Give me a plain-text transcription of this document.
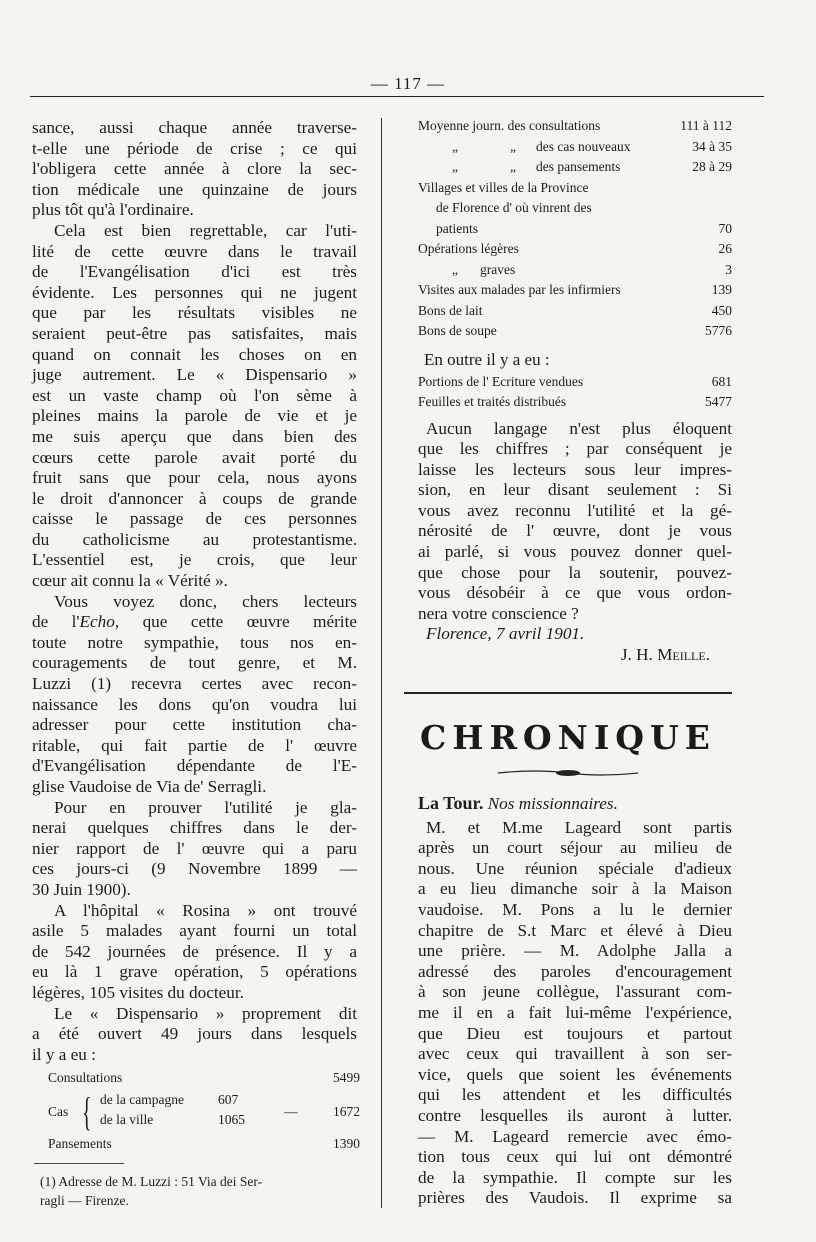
— 117 —

sance, aussi chaque année traverse-
t-elle une période de crise ; ce qui
l'obligera cette année à clore la sec-
tion médicale une quinzaine de jours
plus tôt qu'à l'ordinaire.

Cela est bien regrettable, car l'uti-
lité de cette œuvre dans le travail
de l'Evangélisation d'ici est très
évidente. Les personnes qui ne jugent
que par les résultats visibles ne
seraient peut-être pas satisfaites, mais
quand on connait les choses on en
juge autrement. Le « Dispensario »
est un vaste champ où l'on sème à
pleines mains la parole de vie et je
me suis aperçu que dans bien des
cœurs cette parole avait porté du
fruit sans que pour cela, nous ayons
le droit d'annoncer à coups de grande
caisse le passage de ces personnes
du catholicisme au protestantisme.
L'essentiel est, je crois, que leur
cœur ait connu la « Vérité ».

Vous voyez donc, chers lecteurs
de l'Echo, que cette œuvre mérite
toute notre sympathie, tous nos en-
couragements de tout genre, et M.
Luzzi (1) recevra certes avec recon-
naissance les dons qu'on voudra lui
adresser pour cette institution cha-
ritable, qui fait partie de l' œuvre
d'Evangélisation dépendante de l'E-
glise Vaudoise de Via de' Serragli.

Pour en prouver l'utilité je gla-
nerai quelques chiffres dans le der-
nier rapport de l' œuvre qui a paru
ces jours-ci (9 Novembre 1899 —
30 Juin 1900).

A l'hôpital « Rosina » ont trouvé
asile 5 malades ayant fourni un total
de 542 journées de présence. Il y a
eu là 1 grave opération, 5 opérations
légères, 105 visites du docteur.

Le « Dispensario » proprement dit
a été ouvert 49 jours dans lesquels
il y a eu :

Consultations	5499
Cas { de la campagne	607
de la ville	1065
—	1672
Pansements	1390
(1) Adresse de M. Luzzi : 51 Via dei Ser-
ragli — Firenze.
Moyenne journ. des consultations	111 à 112
„	„ des cas nouveaux	34 à 35
„	„ des pansements	28 à 29
Villages et villes de la Province
de Florence d' où vinrent des
patients	70
Opérations légères	26
„ graves	3
Visites aux malades par les infirmiers	139
Bons de lait	450
Bons de soupe	5776
En outre il y a eu :
Portions de l' Ecriture vendues	681
Feuilles et traités distribués	5477

Aucun langage n'est plus éloquent
que les chiffres ; par conséquent je
laisse les lecteurs sous leur impres-
sion, en leur disant seulement : Si
vous avez reconnu l'utilité et la gé-
nérosité de l' œuvre, dont je vous
ai parlé, si vous pouvez donner quel-
que chose pour la soutenir, pouvez-
vous désobéir à ce que vous ordon-
nera votre conscience ?

Florence, 7 avril 1901.
J. H. Meille.
CHRONIQUE
La Tour. Nos missionnaires.

M. et M.me Lageard sont partis
après un court séjour au milieu de
nous. Une réunion spéciale d'adieux
a eu lieu dimanche soir à la Maison
vaudoise. M. Pons a lu le dernier
chapitre de S.t Marc et élevé à Dieu
une prière. — M. Adolphe Jalla a
adressé des paroles d'encouragement
à son jeune collègue, l'assurant com-
me il en a fait lui-même l'expérience,
que Dieu est toujours et partout
avec ceux qui travaillent à son ser-
vice, quels que soient les événements
qui les attendent et les difficultés
contre lesquelles ils auront à lutter.
— M. Lageard remercie avec émo-
tion tous ceux qui lui ont démontré
de la sympathie. Il compte sur les
prières des Vaudois. Il exprime sa
